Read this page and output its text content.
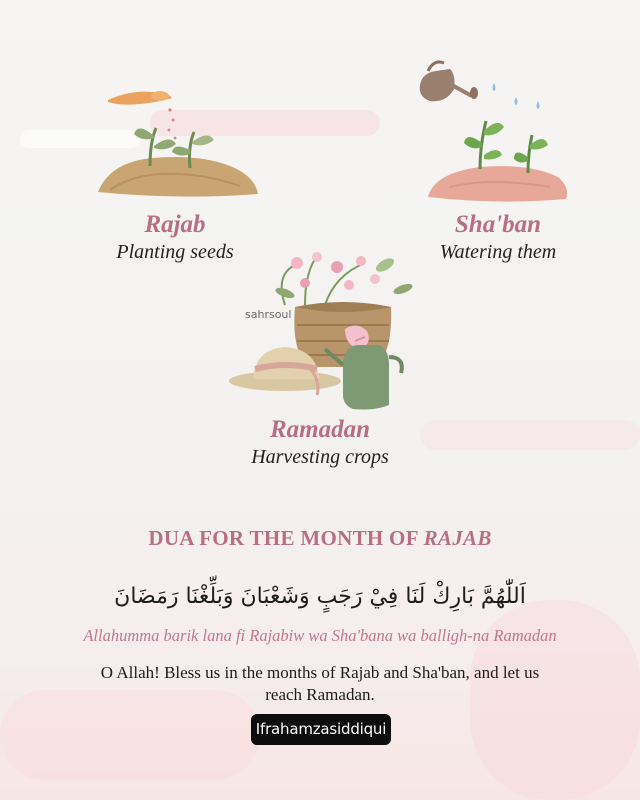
sahrsoul
Rajab
Planting seeds
Sha'ban
Watering them
Ramadan
Harvesting crops
DUA FOR THE MONTH OF RAJAB
اَللّٰهُمَّ بَارِكْ لَنَا فِيْ رَجَبٍ وَشَعْبَانَ وَبَلِّغْنَا رَمَضَانَ
Allahumma barik lana fi Rajabiw wa Sha'bana wa balligh-na Ramadan
O Allah! Bless us in the months of Rajab and Sha'ban, and let us reach Ramadan.
Ifrahamzasiddiqui
